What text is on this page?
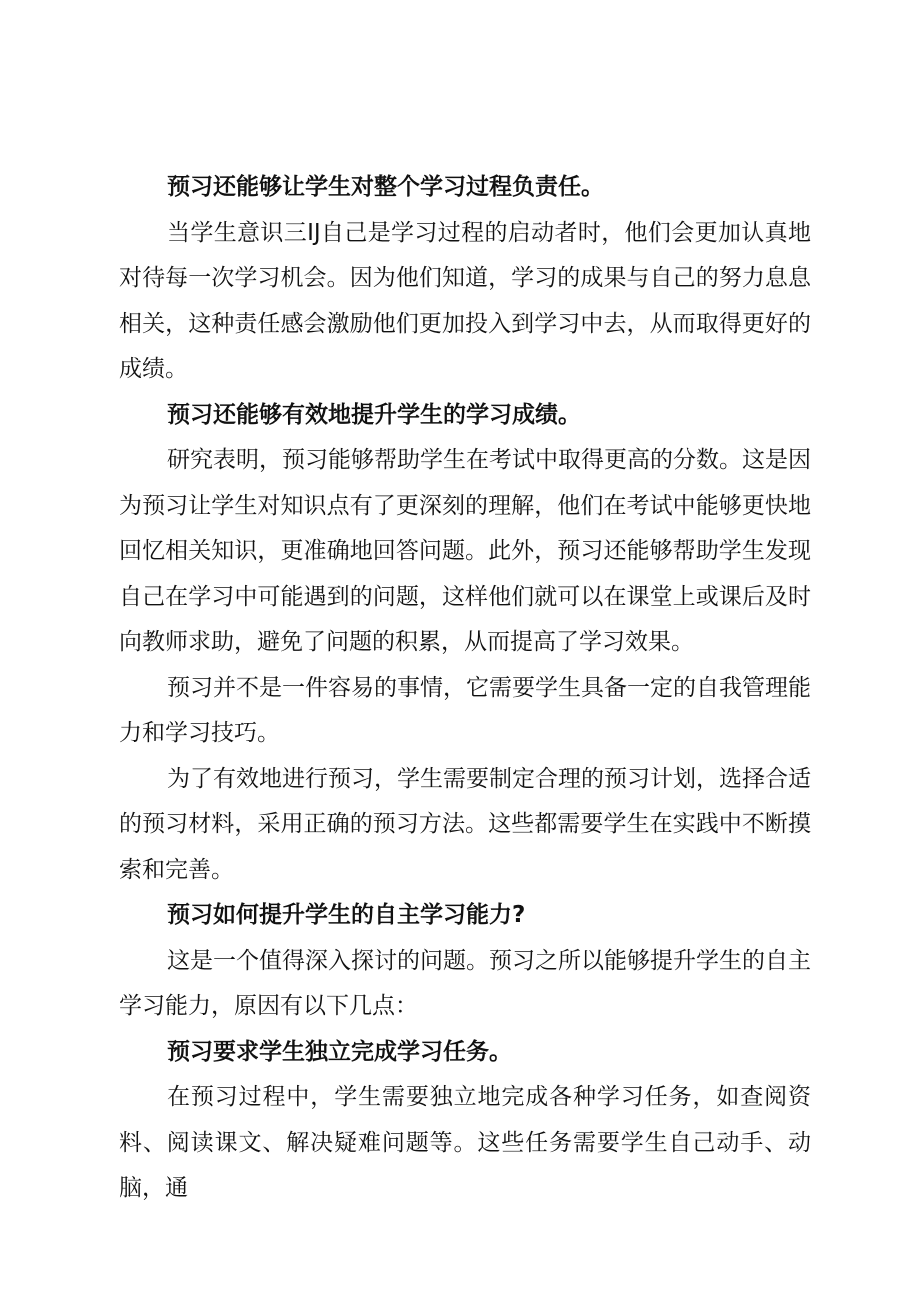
预习还能够让学生对整个学习过程负责任。

当学生意识三IJ自己是学习过程的启动者时，他们会更加认真地对待每一次学习机会。因为他们知道，学习的成果与自己的努力息息相关，这种责任感会激励他们更加投入到学习中去，从而取得更好的成绩。

预习还能够有效地提升学生的学习成绩。

研究表明，预习能够帮助学生在考试中取得更高的分数。这是因为预习让学生对知识点有了更深刻的理解，他们在考试中能够更快地回忆相关知识，更准确地回答问题。此外，预习还能够帮助学生发现自己在学习中可能遇到的问题，这样他们就可以在课堂上或课后及时向教师求助，避免了问题的积累，从而提高了学习效果。

预习并不是一件容易的事情，它需要学生具备一定的自我管理能力和学习技巧。

为了有效地进行预习，学生需要制定合理的预习计划，选择合适的预习材料，采用正确的预习方法。这些都需要学生在实践中不断摸索和完善。

预习如何提升学生的自主学习能力?

这是一个值得深入探讨的问题。预习之所以能够提升学生的自主学习能力，原因有以下几点：

预习要求学生独立完成学习任务。

在预习过程中，学生需要独立地完成各种学习任务，如查阅资料、阅读课文、解决疑难问题等。这些任务需要学生自己动手、动脑，通
